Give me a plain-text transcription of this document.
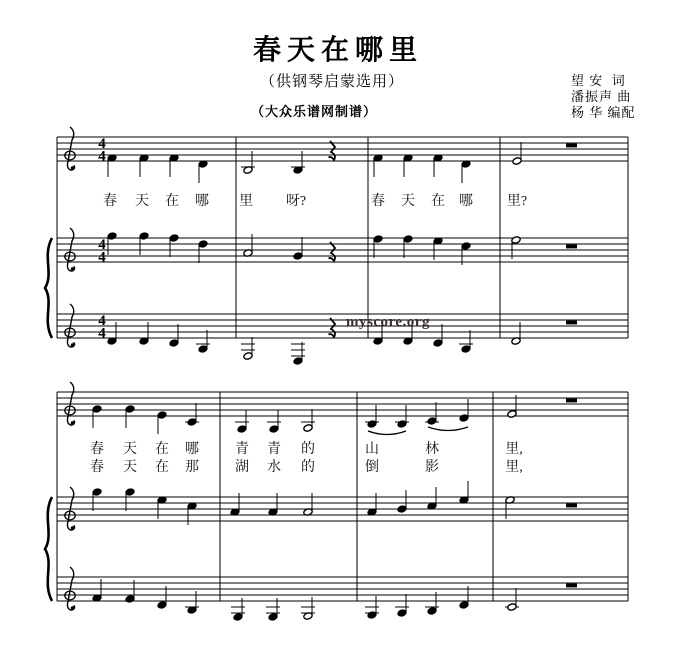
春天在哪里
（供钢琴启蒙选用）
（大众乐谱网制谱）
望 安  词
潘振声 曲
杨 华 编配
4
4
4
4
4
4
春 天 在 哪 里 呀?	春 天 在 哪 里?
春 天 在 哪	青 青 的	山	林	里,
春 天 在 那	湖 水 的	倒	影	里,
myscore.org
